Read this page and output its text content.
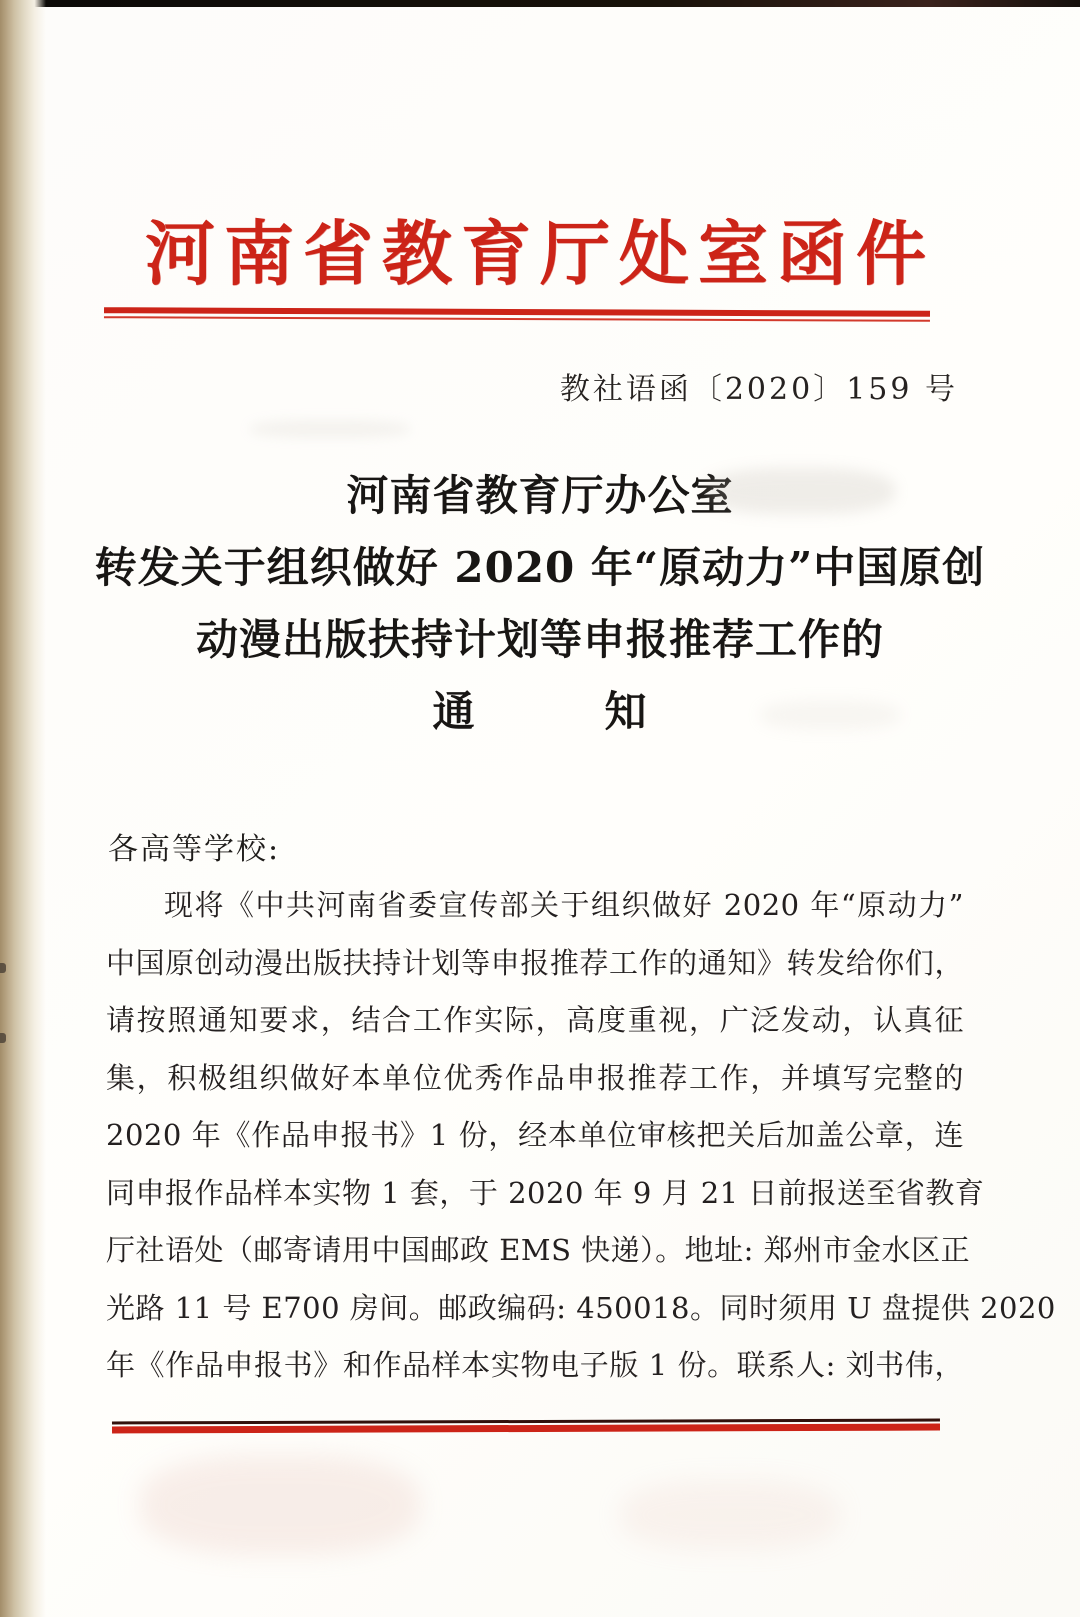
河南省教育厅处室函件
教社语函〔2020〕159 号
河南省教育厅办公室
转发关于组织做好 2020 年“原动力”中国原创
动漫出版扶持计划等申报推荐工作的
通　　　知
各高等学校:
现将《中共河南省委宣传部关于组织做好 2020 年“原动力”
中国原创动漫出版扶持计划等申报推荐工作的通知》转发给你们，
请按照通知要求，结合工作实际，高度重视，广泛发动，认真征
集，积极组织做好本单位优秀作品申报推荐工作，并填写完整的
2020 年《作品申报书》1 份，经本单位审核把关后加盖公章，连
同申报作品样本实物 1 套，于 2020 年 9 月 21 日前报送至省教育
厅社语处（邮寄请用中国邮政 EMS 快递）。地址: 郑州市金水区正
光路 11 号 E700 房间。邮政编码: 450018。同时须用 U 盘提供 2020
年《作品申报书》和作品样本实物电子版 1 份。联系人: 刘书伟，
